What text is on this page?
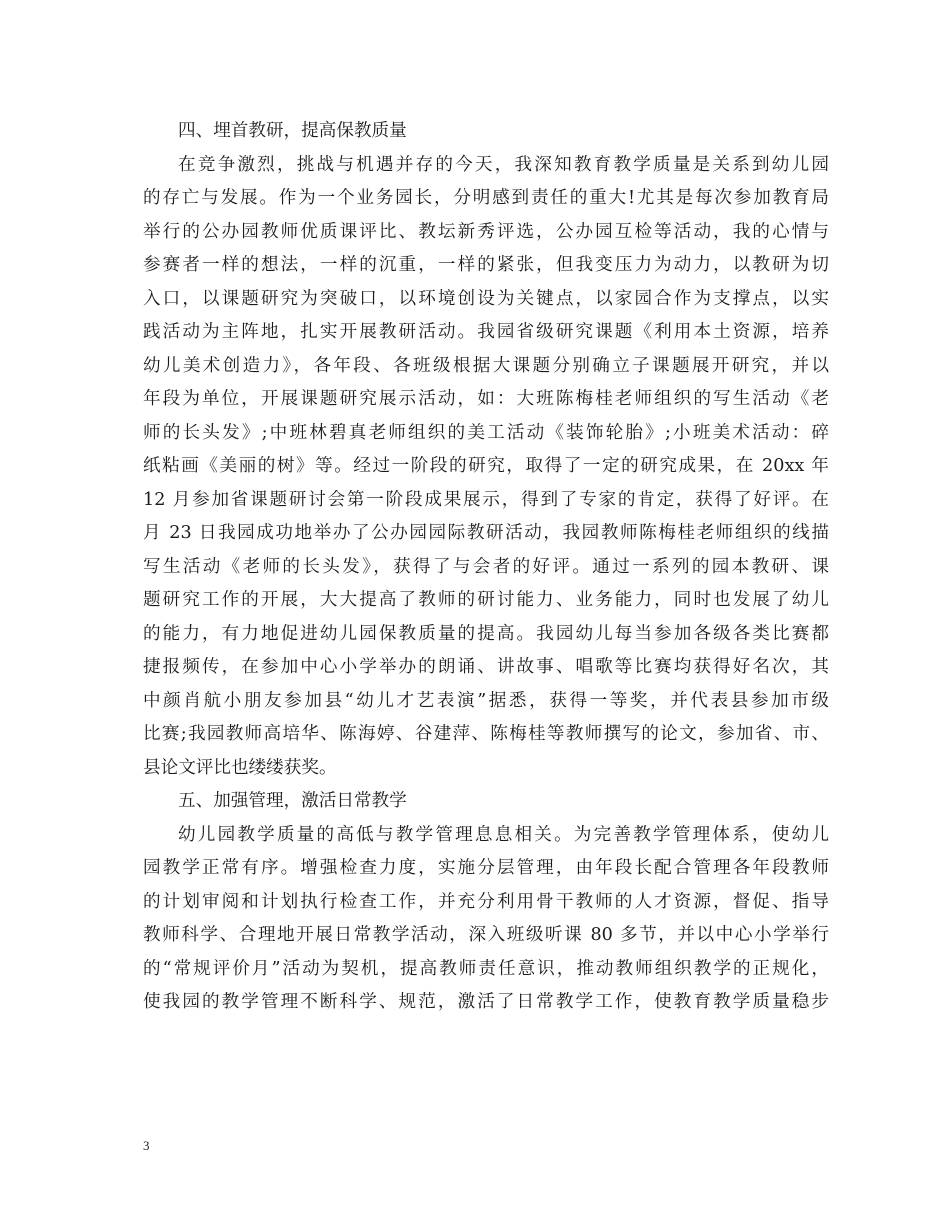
四、埋首教研，提高保教质量
在竞争激烈，挑战与机遇并存的今天，我深知教育教学质量是关系到幼儿园
的存亡与发展。作为一个业务园长，分明感到责任的重大!尤其是每次参加教育局
举行的公办园教师优质课评比、教坛新秀评选，公办园互检等活动，我的心情与
参赛者一样的想法，一样的沉重，一样的紧张，但我变压力为动力，以教研为切
入口，以课题研究为突破口，以环境创设为关键点，以家园合作为支撑点，以实
践活动为主阵地，扎实开展教研活动。我园省级研究课题《利用本土资源，培养
幼儿美术创造力》，各年段、各班级根据大课题分别确立子课题展开研究，并以
年段为单位，开展课题研究展示活动，如：大班陈梅桂老师组织的写生活动《老
师的长头发》;中班林碧真老师组织的美工活动《装饰轮胎》;小班美术活动：碎
纸粘画《美丽的树》等。经过一阶段的研究，取得了一定的研究成果，在 20xx 年
12 月参加省课题研讨会第一阶段成果展示，得到了专家的肯定，获得了好评。在
月 23 日我园成功地举办了公办园园际教研活动，我园教师陈梅桂老师组织的线描
写生活动《老师的长头发》，获得了与会者的好评。通过一系列的园本教研、课
题研究工作的开展，大大提高了教师的研讨能力、业务能力，同时也发展了幼儿
的能力，有力地促进幼儿园保教质量的提高。我园幼儿每当参加各级各类比赛都
捷报频传，在参加中心小学举办的朗诵、讲故事、唱歌等比赛均获得好名次，其
中颜肖航小朋友参加县“幼儿才艺表演”据悉，获得一等奖，并代表县参加市级
比赛;我园教师高培华、陈海婷、谷建萍、陈梅桂等教师撰写的论文，参加省、市、
县论文评比也缕缕获奖。
五、加强管理，激活日常教学
幼儿园教学质量的高低与教学管理息息相关。为完善教学管理体系，使幼儿
园教学正常有序。增强检查力度，实施分层管理，由年段长配合管理各年段教师
的计划审阅和计划执行检查工作，并充分利用骨干教师的人才资源，督促、指导
教师科学、合理地开展日常教学活动，深入班级听课 80 多节，并以中心小学举行
的“常规评价月”活动为契机，提高教师责任意识，推动教师组织教学的正规化，
使我园的教学管理不断科学、规范，激活了日常教学工作，使教育教学质量稳步
3
